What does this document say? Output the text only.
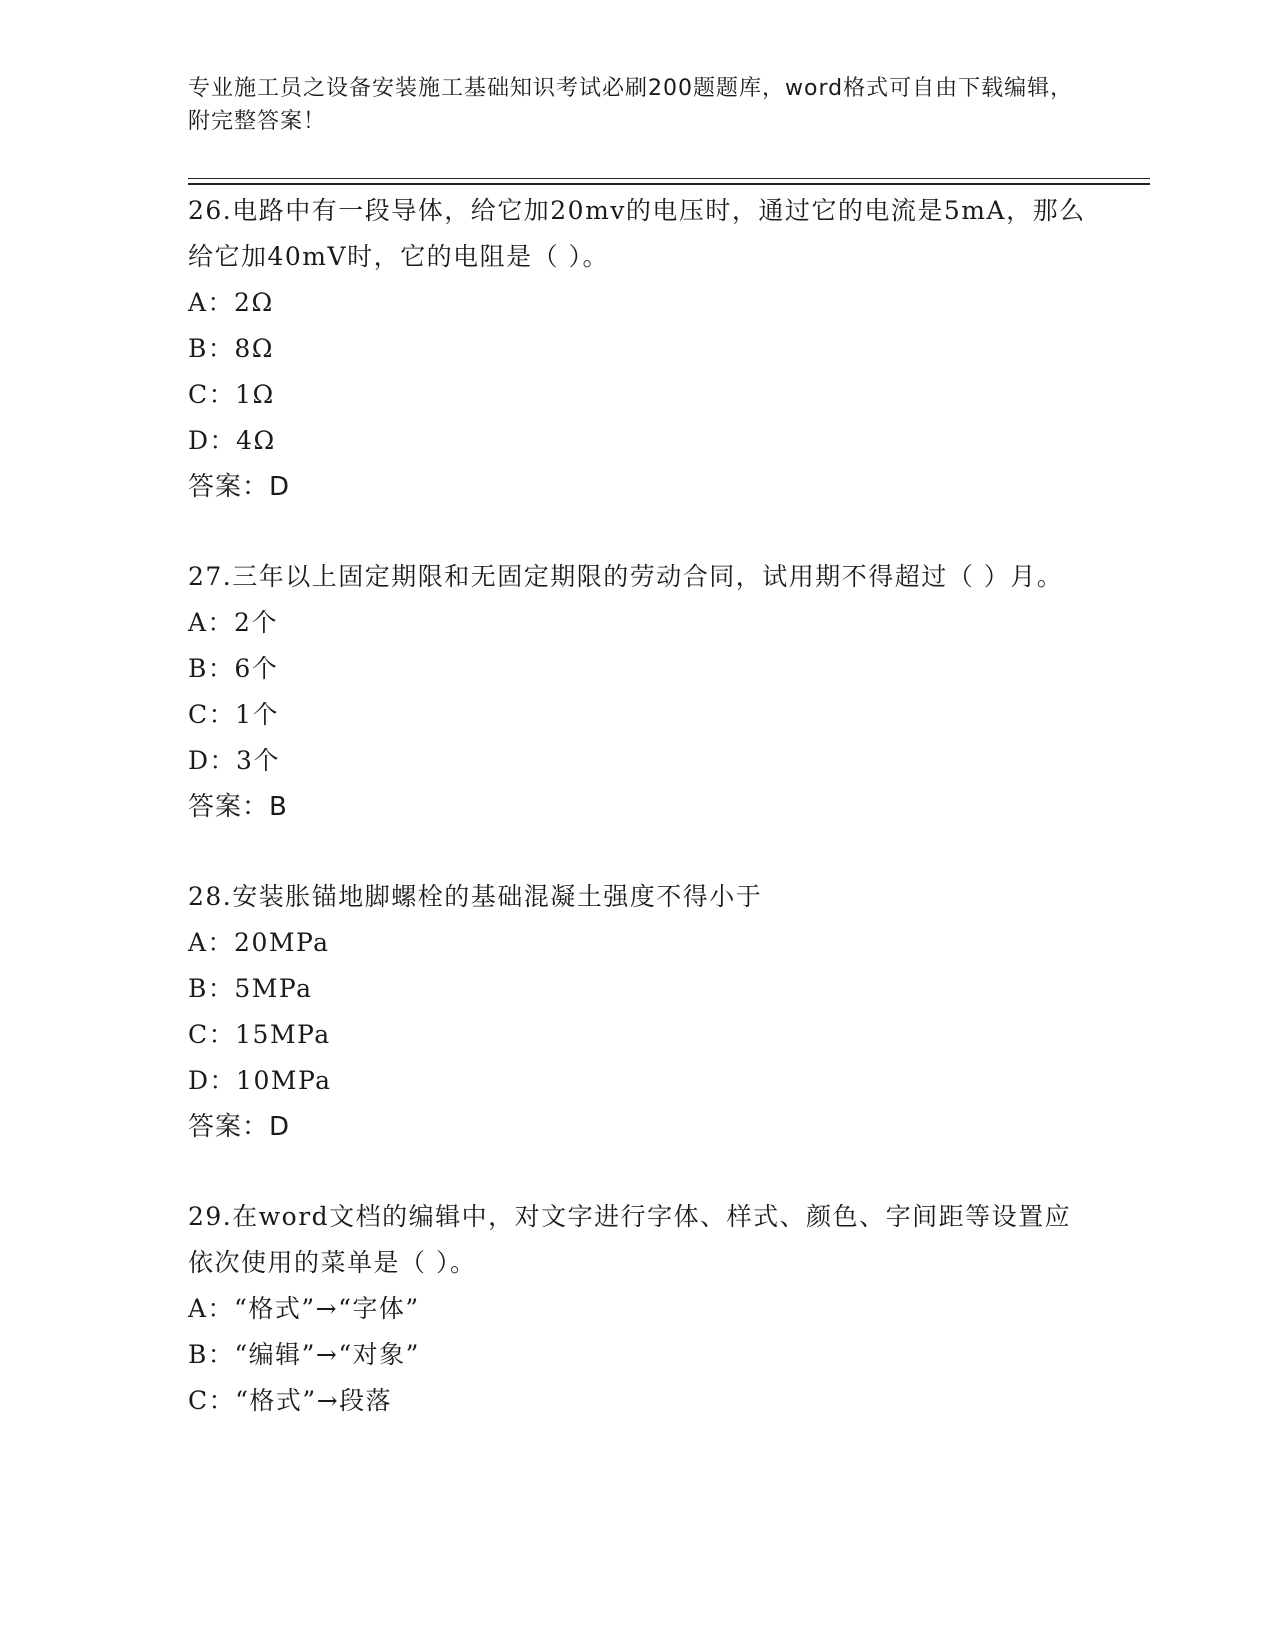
专业施工员之设备安装施工基础知识考试必刷200题题库，word格式可自由下载编辑，附完整答案！
26.电路中有一段导体，给它加20mv的电压时，通过它的电流是5mA，那么给它加40mV时，它的电阻是（ ）。
A：2Ω
B：8Ω
C：1Ω
D：4Ω
答案：D
27.三年以上固定期限和无固定期限的劳动合同，试用期不得超过（ ）月。
A：2个
B：6个
C：1个
D：3个
答案：B
28.安装胀锚地脚螺栓的基础混凝土强度不得小于
A：20MPa
B：5MPa
C：15MPa
D：10MPa
答案：D
29.在word文档的编辑中，对文字进行字体、样式、颜色、字间距等设置应依次使用的菜单是（ ）。
A：“格式”→“字体”
B：“编辑”→“对象”
C：“格式”→段落
